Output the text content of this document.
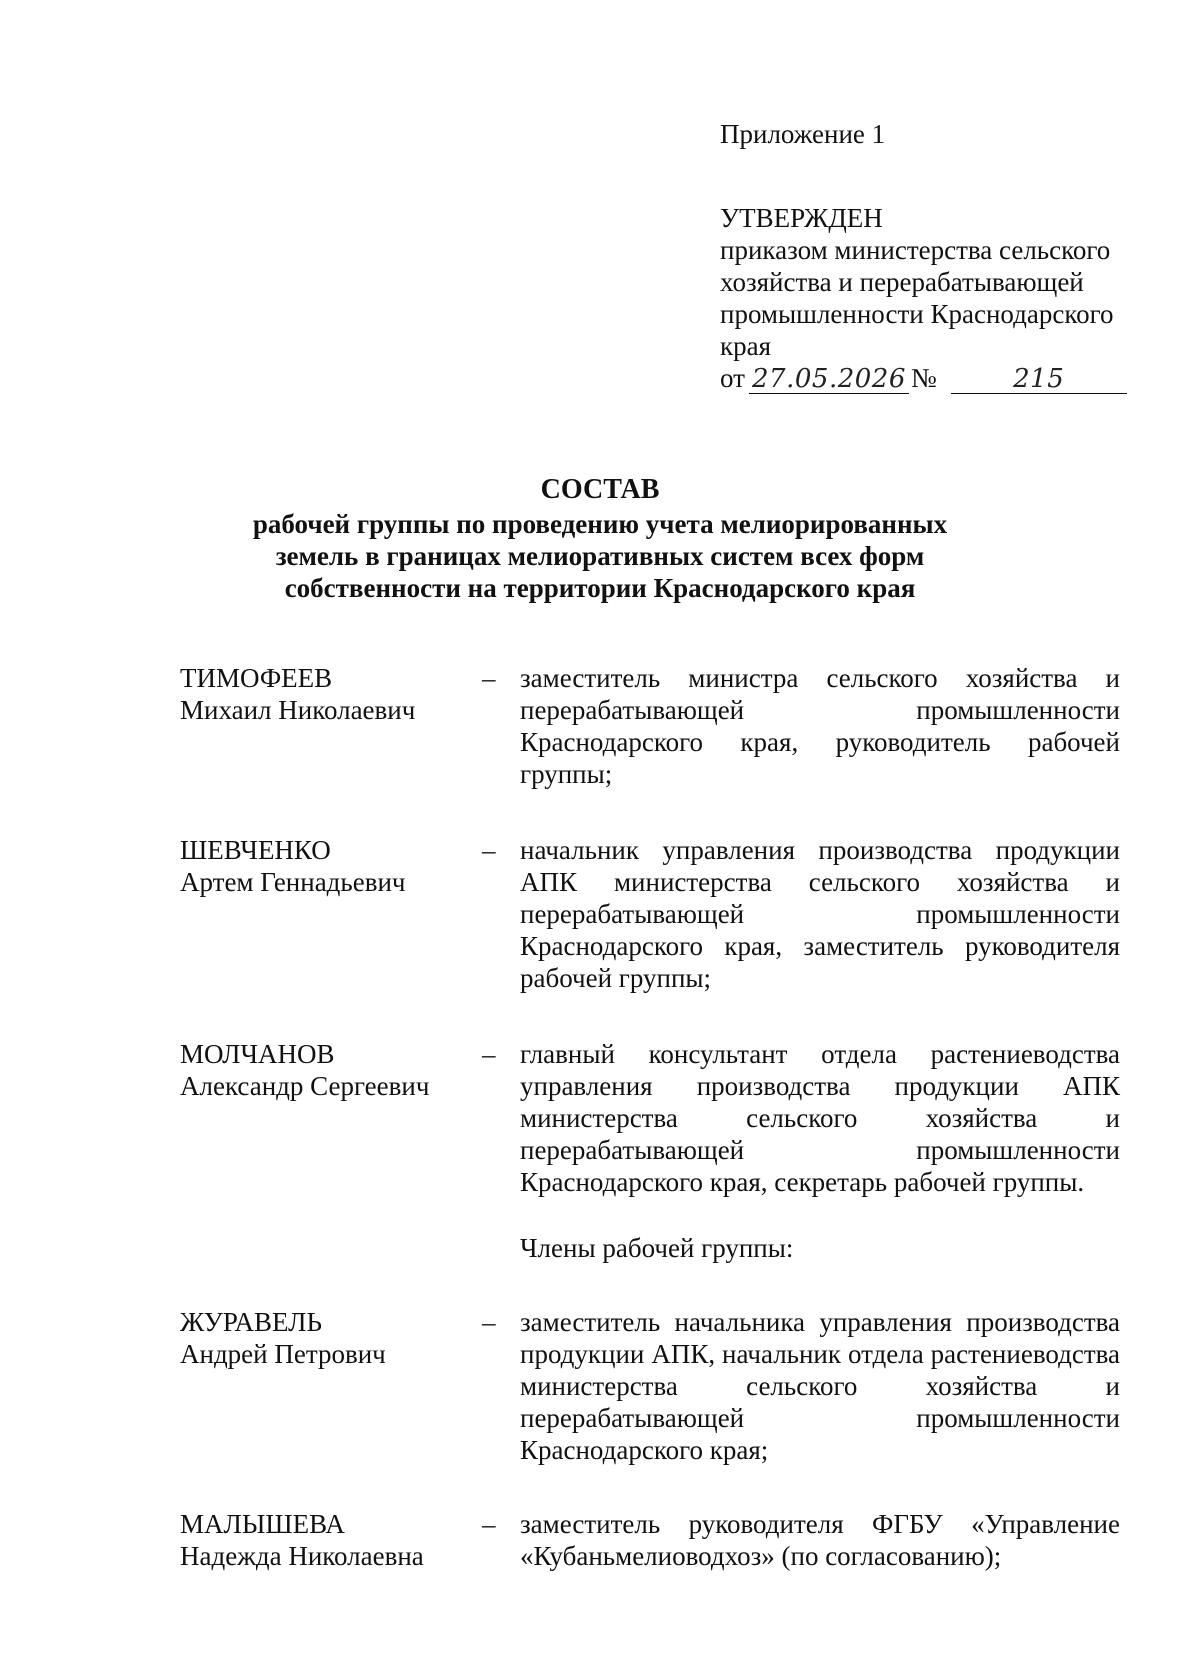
Приложение 1

УТВЕРЖДЕН

приказом министерства сельского

хозяйства и перерабатывающей

промышленности Краснодарского

края

от 27.05.2026 №	215

СОСТАВ

рабочей группы по проведению учета мелиорированных

земель в границах мелиоративных систем всех форм

собственности на территории Краснодарского края

ТИМОФЕЕВ
Михаил Николаевич
– заместитель министра сельского хозяйства и перерабатывающей промышленности Краснодарского края, руководитель рабочей группы;
ШЕВЧЕНКО
Артем Геннадьевич
– начальник управления производства продукции АПК министерства сельского хозяйства и перерабатывающей промышленности Краснодарского края, заместитель руководителя рабочей группы;
МОЛЧАНОВ
Александр Сергеевич
– главный консультант отдела растениеводства управления производства продукции АПК министерства сельского хозяйства и перерабатывающей промышленности Краснодарского края, секретарь рабочей группы.

Члены рабочей группы:

ЖУРАВЕЛЬ
Андрей Петрович
– заместитель начальника управления производства продукции АПК, начальник отдела растениеводства министерства сельского хозяйства и перерабатывающей промышленности Краснодарского края;
МАЛЫШЕВА
Надежда Николаевна
– заместитель руководителя ФГБУ «Управление «Кубаньмелиоводхоз» (по согласованию);
